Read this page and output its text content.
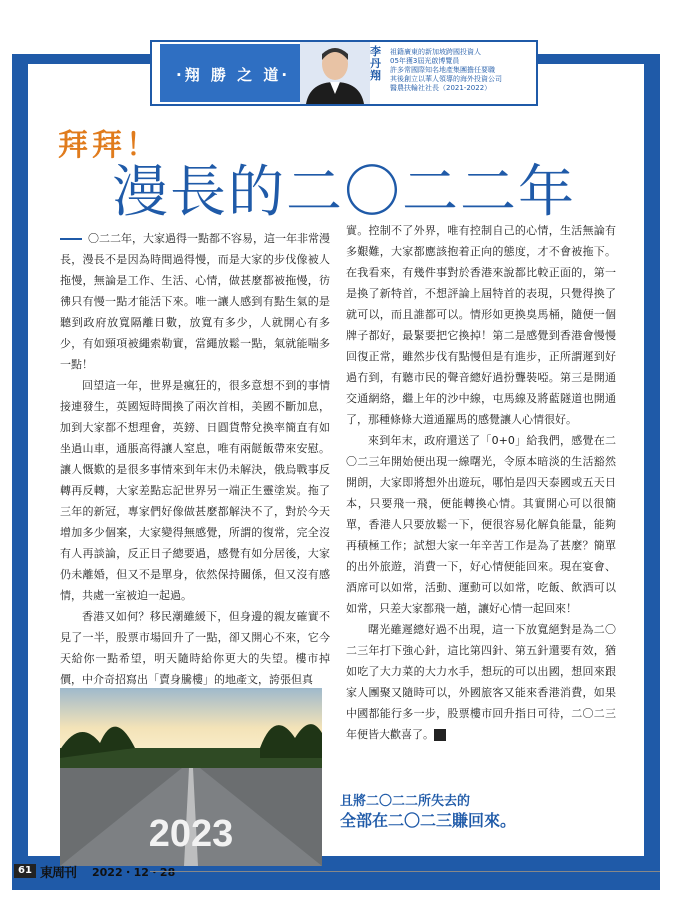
·翔 勝 之 道·
李丹翔
祖籍廣東的新加坡跨國投資人
05年獲3屆光啟博覽員
許多常國際知名地產集團擔任要職
其後創立以華人領導的海外投資公司
醫農扶輪社社長（2021-2022）
拜拜！
漫長的二〇二二年

〇二二年，大家過得一點都不容易，這一年非常漫長，漫長不是因為時間過得慢，而是大家的步伐像被人拖慢，無論是工作、生活、心情，做甚麼都被拖慢，彷彿只有慢一點才能活下來。唯一讓人感到有點生氣的是聽到政府放寬隔離日數，放寬有多少，人就開心有多少，有如頸項被繩索勒實，當繩放鬆一點，氣就能喘多一點！

回望這一年，世界是瘋狂的，很多意想不到的事情接連發生，英國短時間換了兩次首相，美國不斷加息，加到大家都不想理會，英鎊、日圓貨幣兌換率簡直有如坐過山車，通脹高得讓人窒息，唯有兩餸飯帶來安慰。讓人慨歎的是很多事情來到年末仍未解決，俄烏戰事反轉再反轉，大家差點忘記世界另一端正生靈塗炭。拖了三年的新冠，專家們好像做甚麼都解決不了，對於今天增加多少個案，大家變得無感覺，所謂的復常，完全沒有人再談論，反正日子總要過，感覺有如分居後，大家仍未離婚，但又不是單身，依然保持關係，但又沒有感情，共處一室被迫一起過。

香港又如何？移民潮雖緩下，但身邊的親友確實不見了一半，股票市場回升了一點，卻又開心不來，它今天給你一點希望，明天隨時給你更大的失望。樓市掉價，中介奇招寫出「賣身騰樓」的地產文，誇張但真

實。控制不了外界，唯有控制自己的心情，生活無論有多艱難，大家都應該抱着正向的態度，才不會被拖下。在我看來，有幾件事對於香港來說都比較正面的，第一是換了新特首，不想評論上屆特首的表現，只覺得換了就可以，而且誰都可以。情形如更換臭馬桶，隨便一個牌子都好，最緊要把它換掉！第二是感覺到香港會慢慢回復正常，雖然步伐有點慢但是有進步，正所謂遲到好過冇到，有聽市民的聲音總好過扮聾裝啞。第三是開通交通網絡，繼上年的沙中線，屯馬線及將藍隧道也開通了，那種條條大道通羅馬的感覺讓人心情很好。

來到年末，政府還送了「0+0」給我們，感覺在二〇二三年開始便出現一線曙光，令原本暗淡的生活豁然開朗，大家即將想外出遊玩，哪怕是四天泰國或五天日本，只要飛一飛，便能轉換心情。其實開心可以很簡單，香港人只要放鬆一下，便很容易化解負能量，能夠再積極工作；試想大家一年辛苦工作是為了甚麼？簡單的出外旅遊，消費一下，好心情便能回來。現在宴會、酒席可以如常，活動、運動可以如常，吃飯、飲酒可以如常，只差大家都飛一趟，讓好心情一起回來！

曙光雖遲總好過不出現，這一下放寬絕對是為二〇二三年打下強心針，這比第四針、第五針還要有效，猶如吃了大力菜的大力水手，想玩的可以出國，想回來跟家人團聚又隨時可以，外國旅客又能來香港消費，如果中國都能行多一步，股票樓市回升指日可待，二〇二三年便皆大歡喜了。 翔

2023
且將二〇二二所失去的
全部在二〇二三賺回來。
61 東周刊 2022・12・28
